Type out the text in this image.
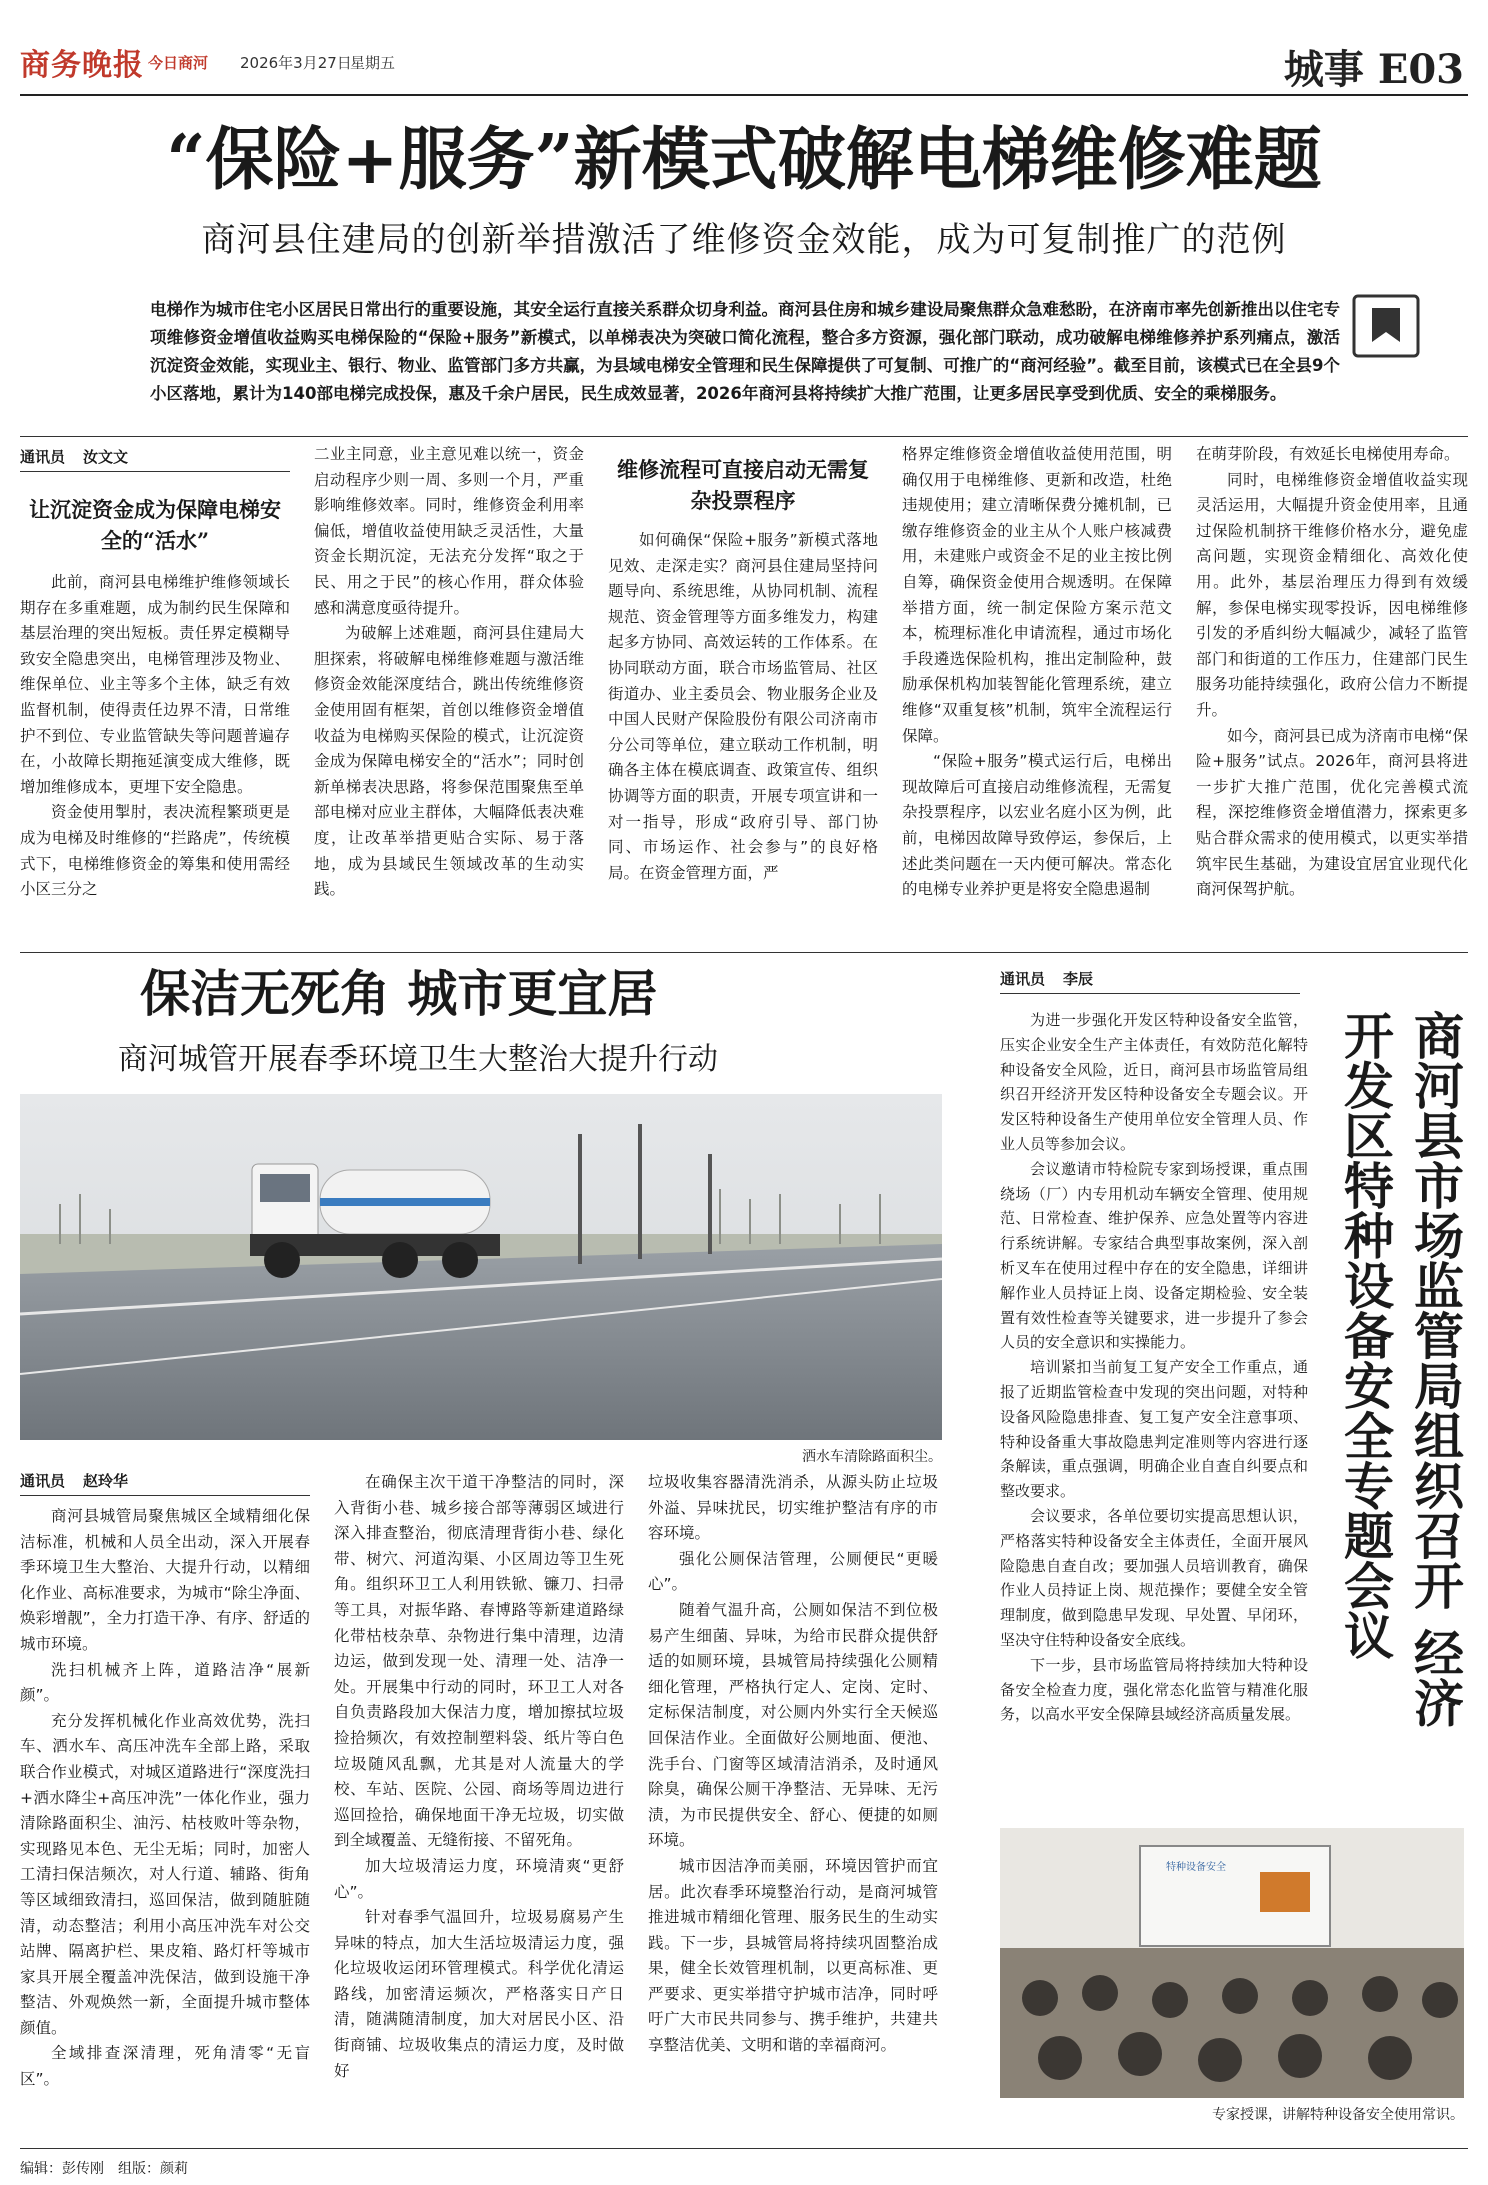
商务晚报 今日商河 2026年3月27日
星期五	城事 E03
“保险+服务”新模式破解电梯维修难题
商河县住建局的创新举措激活了维修资金效能，成为可复制推广的范例
电梯作为城市住宅小区居民日常出行的重要设施，其安全运行直接关系群众切身利益。商河县住房和城乡建设局聚焦群众急难愁盼，在济南市率先创新推出以住宅专项维修资金增值收益购买电梯保险的“保险+服务”新模式，以单梯表决为突破口简化流程，整合多方资源，强化部门联动，成功破解电梯维修养护系列痛点，激活沉淀资金效能，实现业主、银行、物业、监管部门多方共赢，为县域电梯安全管理和民生保障提供了可复制、可推广的“商河经验”。截至目前，该模式已在全县9个小区落地，累计为140部电梯完成投保，惠及千余户居民，民生成效显著，2026年商河县将持续扩大推广范围，让更多居民享受到优质、安全的乘梯服务。
通讯员 汝文文
让沉淀资金成为保障电梯安全的“活水”

此前，商河县电梯维护维修领域长期存在多重难题，成为制约民生保障和基层治理的突出短板。责任界定模糊导致安全隐患突出，电梯管理涉及物业、维保单位、业主等多个主体，缺乏有效监督机制，使得责任边界不清，日常维护不到位、专业监管缺失等问题普遍存在，小故障长期拖延演变成大维修，既增加维修成本，更埋下安全隐患。

资金使用掣肘，表决流程繁琐更是成为电梯及时维修的“拦路虎”，传统模式下，电梯维修资金的筹集和使用需经小区三分之

二业主同意，业主意见难以统一，资金启动程序少则一周、多则一个月，严重影响维修效率。同时，维修资金利用率偏低，增值收益使用缺乏灵活性，大量资金长期沉淀，无法充分发挥“取之于民、用之于民”的核心作用，群众体验感和满意度亟待提升。

为破解上述难题，商河县住建局大胆探索，将破解电梯维修难题与激活维修资金效能深度结合，跳出传统维修资金使用固有框架，首创以维修资金增值收益为电梯购买保险的模式，让沉淀资金成为保障电梯安全的“活水”；同时创新单梯表决思路，将参保范围聚焦至单部电梯对应业主群体，大幅降低表决难度，让改革举措更贴合实际、易于落地，成为县域民生领域改革的生动实践。

维修流程可直接启动无需复杂投票程序

如何确保“保险+服务”新模式落地见效、走深走实？商河县住建局坚持问题导向、系统思维，从协同机制、流程规范、资金管理等方面多维发力，构建起多方协同、高效运转的工作体系。在协同联动方面，联合市场监管局、社区街道办、业主委员会、物业服务企业及中国人民财产保险股份有限公司济南市分公司等单位，建立联动工作机制，明确各主体在模底调查、政策宣传、组织协调等方面的职责，开展专项宣讲和一对一指导，形成“政府引导、部门协同、市场运作、社会参与”的良好格局。在资金管理方面，严

格界定维修资金增值收益使用范围，明确仅用于电梯维修、更新和改造，杜绝违规使用；建立清晰保费分摊机制，已缴存维修资金的业主从个人账户核减费用，未建账户或资金不足的业主按比例自筹，确保资金使用合规透明。在保障举措方面，统一制定保险方案示范文本，梳理标准化申请流程，通过市场化手段遴选保险机构，推出定制险种，鼓励承保机构加装智能化管理系统，建立维修“双重复核”机制，筑牢全流程运行保障。

“保险+服务”模式运行后，电梯出现故障后可直接启动维修流程，无需复杂投票程序，以宏业名庭小区为例，此前，电梯因故障导致停运，参保后，上述此类问题在一天内便可解决。常态化的电梯专业养护更是将安全隐患遏制

在萌芽阶段，有效延长电梯使用寿命。

同时，电梯维修资金增值收益实现灵活运用，大幅提升资金使用率，且通过保险机制挤干维修价格水分，避免虚高问题，实现资金精细化、高效化使用。此外，基层治理压力得到有效缓解，参保电梯实现零投诉，因电梯维修引发的矛盾纠纷大幅减少，减轻了监管部门和街道的工作压力，住建部门民生服务功能持续强化，政府公信力不断提升。

如今，商河县已成为济南市电梯“保险+服务”试点。2026年，商河县将进一步扩大推广范围，优化完善模式流程，深挖维修资金增值潜力，探索更多贴合群众需求的使用模式，以更实举措筑牢民生基础，为建设宜居宜业现代化商河保驾护航。

保洁无死角 城市更宜居
商河城管开展春季环境卫生大整治大提升行动
洒水车清除路面积尘。
通讯员 赵玲华

商河县城管局聚焦城区全域精细化保洁标准，机械和人员全出动，深入开展春季环境卫生大整治、大提升行动，以精细化作业、高标准要求，为城市“除尘净面、焕彩增靓”，全力打造干净、有序、舒适的城市环境。

洗扫机械齐上阵，道路洁净“展新颜”。

充分发挥机械化作业高效优势，洗扫车、洒水车、高压冲洗车全部上路，采取联合作业模式，对城区道路进行“深度洗扫+洒水降尘+高压冲洗”一体化作业，强力清除路面积尘、油污、枯枝败叶等杂物，实现路见本色、无尘无垢；同时，加密人工清扫保洁频次，对人行道、辅路、街角等区域细致清扫，巡回保洁，做到随脏随清，动态整洁；利用小高压冲洗车对公交站牌、隔离护栏、果皮箱、路灯杆等城市家具开展全覆盖冲洗保洁，做到设施干净整洁、外观焕然一新，全面提升城市整体颜值。

全域排查深清理，死角清零“无盲区”。

在确保主次干道干净整洁的同时，深入背街小巷、城乡接合部等薄弱区域进行深入排查整治，彻底清理背街小巷、绿化带、树穴、河道沟渠、小区周边等卫生死角。组织环卫工人利用铁锨、镰刀、扫帚等工具，对振华路、春博路等新建道路绿化带枯枝杂草、杂物进行集中清理，边清边运，做到发现一处、清理一处、洁净一处。开展集中行动的同时，环卫工人对各自负责路段加大保洁力度，增加擦拭垃圾捡拾频次，有效控制塑料袋、纸片等白色垃圾随风乱飘，尤其是对人流量大的学校、车站、医院、公园、商场等周边进行巡回捡拾，确保地面干净无垃圾，切实做到全域覆盖、无缝衔接、不留死角。

加大垃圾清运力度，环境清爽“更舒心”。

针对春季气温回升，垃圾易腐易产生异味的特点，加大生活垃圾清运力度，强化垃圾收运闭环管理模式。科学优化清运路线，加密清运频次，严格落实日产日清，随满随清制度，加大对居民小区、沿街商铺、垃圾收集点的清运力度，及时做好

垃圾收集容器清洗消杀，从源头防止垃圾外溢、异味扰民，切实维护整洁有序的市容环境。

强化公厕保洁管理，公厕便民“更暖心”。

随着气温升高，公厕如保洁不到位极易产生细菌、异味，为给市民群众提供舒适的如厕环境，县城管局持续强化公厕精细化管理，严格执行定人、定岗、定时、定标保洁制度，对公厕内外实行全天候巡回保洁作业。全面做好公厕地面、便池、洗手台、门窗等区域清洁消杀，及时通风除臭，确保公厕干净整洁、无异味、无污渍，为市民提供安全、舒心、便捷的如厕环境。

城市因洁净而美丽，环境因管护而宜居。此次春季环境整治行动，是商河城管推进城市精细化管理、服务民生的生动实践。下一步，县城管局将持续巩固整治成果，健全长效管理机制，以更高标准、更严要求、更实举措守护城市洁净，同时呼吁广大市民共同参与、携手维护，共建共享整洁优美、文明和谐的幸福商河。

通讯员 李辰

为进一步强化开发区特种设备安全监管，压实企业安全生产主体责任，有效防范化解特种设备安全风险，近日，商河县市场监管局组织召开经济开发区特种设备安全专题会议。开发区特种设备生产使用单位安全管理人员、作业人员等参加会议。

会议邀请市特检院专家到场授课，重点围绕场（厂）内专用机动车辆安全管理、使用规范、日常检查、维护保养、应急处置等内容进行系统讲解。专家结合典型事故案例，深入剖析叉车在使用过程中存在的安全隐患，详细讲解作业人员持证上岗、设备定期检验、安全装置有效性检查等关键要求，进一步提升了参会人员的安全意识和实操能力。

培训紧扣当前复工复产安全工作重点，通报了近期监管检查中发现的突出问题，对特种设备风险隐患排查、复工复产安全注意事项、特种设备重大事故隐患判定准则等内容进行逐条解读，重点强调，明确企业自查自纠要点和整改要求。

会议要求，各单位要切实提高思想认识，严格落实特种设备安全主体责任，全面开展风险隐患自查自改；要加强人员培训教育，确保作业人员持证上岗、规范操作；要健全安全管理制度，做到隐患早发现、早处置、早闭环，坚决守住特种设备安全底线。

下一步，县市场监管局将持续加大特种设备安全检查力度，强化常态化监管与精准化服务，以高水平安全保障县域经济高质量发展。

商河县市场监管局组织召开 经济开发区特种设备安全专题会议
特种设备安全
专家授课，讲解特种设备安全使用常识。
编辑：彭传刚　组版：颜莉
